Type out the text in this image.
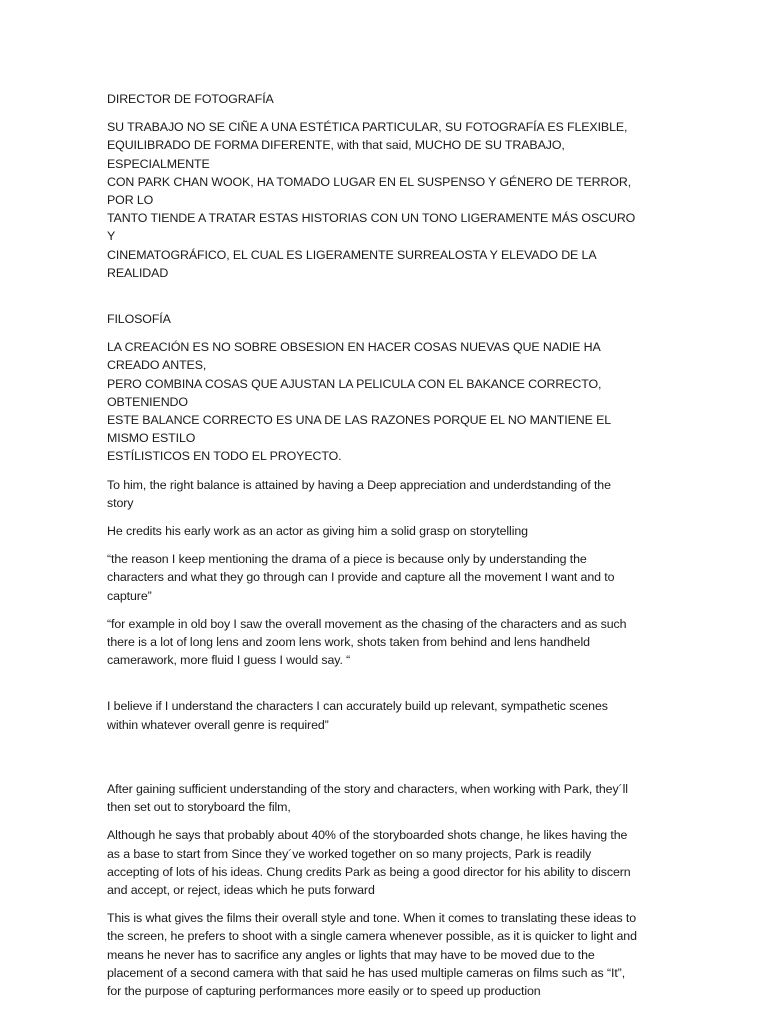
DIRECTOR DE FOTOGRAFÍA

SU TRABAJO NO SE CIÑE A UNA ESTÉTICA PARTICULAR, SU FOTOGRAFÍA ES FLEXIBLE,
EQUILIBRADO DE FORMA DIFERENTE, with that said, MUCHO DE SU TRABAJO, ESPECIALMENTE
CON PARK CHAN WOOK, HA TOMADO LUGAR EN EL SUSPENSO Y GÉNERO DE TERROR, POR LO
TANTO TIENDE A TRATAR ESTAS HISTORIAS CON UN TONO LIGERAMENTE MÁS OSCURO Y
CINEMATOGRÁFICO, EL CUAL ES LIGERAMENTE SURREALOSTA Y ELEVADO DE LA REALIDAD

FILOSOFÍA

LA CREACIÓN ES NO SOBRE OBSESION EN HACER COSAS NUEVAS QUE NADIE HA CREADO ANTES,
PERO COMBINA COSAS QUE AJUSTAN LA PELICULA CON EL BAKANCE CORRECTO, OBTENIENDO
ESTE BALANCE CORRECTO ES UNA DE LAS RAZONES PORQUE EL NO MANTIENE EL MISMO ESTILO
ESTÍLISTICOS EN TODO EL PROYECTO.

To him, the right balance is attained by having a Deep appreciation and underdstanding of the
story

He credits his early work as an actor as giving him a solid grasp on storytelling

“the reason I keep mentioning the drama of a piece is because only by understanding the
characters and what they go through can I provide and capture all the movement I want and to
capture”

“for example in old boy I saw the overall movement as the chasing of the characters and as such
there is a lot of long lens and zoom lens work, shots taken from behind and lens handheld
camerawork, more fluid I guess I would say. “

I believe if I understand the characters I can accurately build up relevant, sympathetic scenes
within whatever overall genre is required”

After gaining sufficient understanding of the story and characters, when working with Park, they´ll
then set out to storyboard the film,

Although he says that probably about 40% of the storyboarded shots change, he likes having the
as a base to start from Since they´ve worked together on so many projects, Park is readily
accepting of lots of his ideas. Chung credits Park as being a good director for his ability to discern
and accept, or reject, ideas which he puts forward

This is what gives the films their overall style and tone. When it comes to translating these ideas to
the screen, he prefers to shoot with a single camera whenever possible, as it is quicker to light and
means he never has to sacrifice any angles or lights that may have to be moved due to the
placement of a second camera with that said he has used multiple cameras on films such as “It”,
for the purpose of capturing performances more easily or to speed up production
